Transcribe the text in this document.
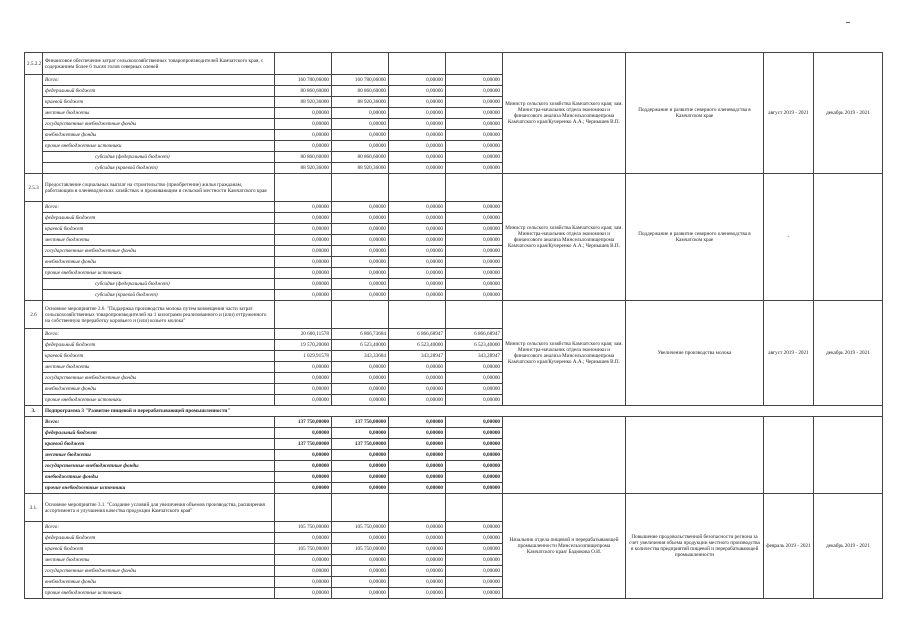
2.5.2.2	Финансовое обеспечение затрат сельскохозяйственных товаропроизводителей Камчатского края, с содержанием более 6 тысяч голов северных оленей					Министр сельского хозяйства Камчатского края; зам. Министра-начальник отдела экономики и финансового анализа Минсельхозпищепрома Камчатского края/Кучеренко А.А.; Чернышев В.П.	Поддержание и развитие северного оленеводства в Камчатском крае	август 2019 - 2021	декабрь 2019 - 2021
	Всего:	160 780,06000	160 780,06000	0,00000	0,00000				
	федеральный бюджет	80 860,60000	80 860,60000	0,00000	0,00000				
	краевой бюджет	88 920,36000	88 920,36000	0,00000	0,00000				
	местные бюджеты	0,00000	0,00000	0,00000	0,00000				
	государственные внебюджетные фонды	0,00000	0,00000	0,00000	0,00000				
	внебюджетные фонды	0,00000	0,00000	0,00000	0,00000				
	прочие внебюджетные источники	0,00000	0,00000	0,00000	0,00000				
	субсидия (федеральный бюджет)	80 860,60000	80 860,60000	0,00000	0,00000				
	субсидия (краевой бюджет)	88 920,36000	88 920,36000	0,00000	0,00000				
2.5.3	Предоставление социальных выплат на строительство (приобретение) жилья гражданам, работающим в оленеводческих хозяйствах и проживающим в сельской местности Камчатского края					Министр сельского хозяйства Камчатского края; зам. Министра-начальник отдела экономики и финансового анализа Минсельхозпищепрома Камчатского края/Кучеренко А.А.; Чернышев В.П.	Поддержание и развитие северного оленеводства в Камчатском крае	-	
	Всего:	0,00000	0,00000	0,00000	0,00000				
	федеральный бюджет	0,00000	0,00000	0,00000	0,00000				
	краевой бюджет	0,00000	0,00000	0,00000	0,00000				
	местные бюджеты	0,00000	0,00000	0,00000	0,00000				
	государственные внебюджетные фонды	0,00000	0,00000	0,00000	0,00000				
	внебюджетные фонды	0,00000	0,00000	0,00000	0,00000				
	прочие внебюджетные источники	0,00000	0,00000	0,00000	0,00000				
	субсидия (федеральный бюджет)	0,00000	0,00000	0,00000	0,00000				
	субсидия (краевой бюджет)	0,00000	0,00000	0,00000	0,00000				
2.6	Основное мероприятие 2.6. "Поддержка производства молока путем возмещения части затрат сельскохозяйственных товаропроизводителей на 1 килограмм реализованного и (или) отгруженного на собственную переработку коровьего и (или) козьего молока"					Министр сельского хозяйства Камчатского края; зам. Министра-начальник отдела экономики и финансового анализа Минсельхозпищепрома Камчатского края/Кучеренко А.А.; Чернышев В.П.	Увеличение производства молока	август 2019 - 2021	декабрь 2019 - 2021
	Всего:	20 600,11578	6 866,73684	6 866,68947	6 866,68947				
	федеральный бюджет	19 570,20000	6 523,40000	6 523,40000	6 523,40000				
	краевой бюджет	1 029,91578	343,33684	343,28947	343,28947				
	местные бюджеты	0,00000	0,00000	0,00000	0,00000				
	государственные внебюджетные фонды	0,00000	0,00000	0,00000	0,00000				
	внебюджетные фонды	0,00000	0,00000	0,00000	0,00000				
	прочие внебюджетные источники	0,00000	0,00000	0,00000	0,00000				
3.	Подпрограмма 3 "Развитие пищевой и перерабатывающей промышленности"								
	Всего:	137 750,00000	137 750,00000	0,00000	0,00000				
	федеральный бюджет	0,00000	0,00000	0,00000	0,00000				
	краевой бюджет	137 750,00000	137 750,00000	0,00000	0,00000				
	местные бюджеты	0,00000	0,00000	0,00000	0,00000				
	государственные внебюджетные фонды	0,00000	0,00000	0,00000	0,00000				
	внебюджетные фонды	0,00000	0,00000	0,00000	0,00000				
	прочие внебюджетные источники	0,00000	0,00000	0,00000	0,00000				
3.1.	Основное мероприятие 3.1. "Создание условий для увеличения объемов производства, расширения ассортимента и улучшения качества продукции Камчатского края"					Начальник отдела пищевой и перерабатывающей промышленности Минсельхозпищепрома Камчатского края/ Бадюкова О.И.	Повышение продовольственной безопасности региона за счет увеличения объема продукции местного производства и количества предприятий пищевой и перерабатывающей промышленности	февраль 2019 - 2021	декабрь 2019 - 2021
	Всего:	105 750,00000	105 750,00000	0,00000	0,00000				
	федеральный бюджет	0,00000	0,00000	0,00000	0,00000				
	краевой бюджет	105 750,00000	105 750,00000	0,00000	0,00000				
	местные бюджеты	0,00000	0,00000	0,00000	0,00000				
	государственные внебюджетные фонды	0,00000	0,00000	0,00000	0,00000				
	внебюджетные фонды	0,00000	0,00000	0,00000	0,00000				
	прочие внебюджетные источники	0,00000	0,00000	0,00000	0,00000				
